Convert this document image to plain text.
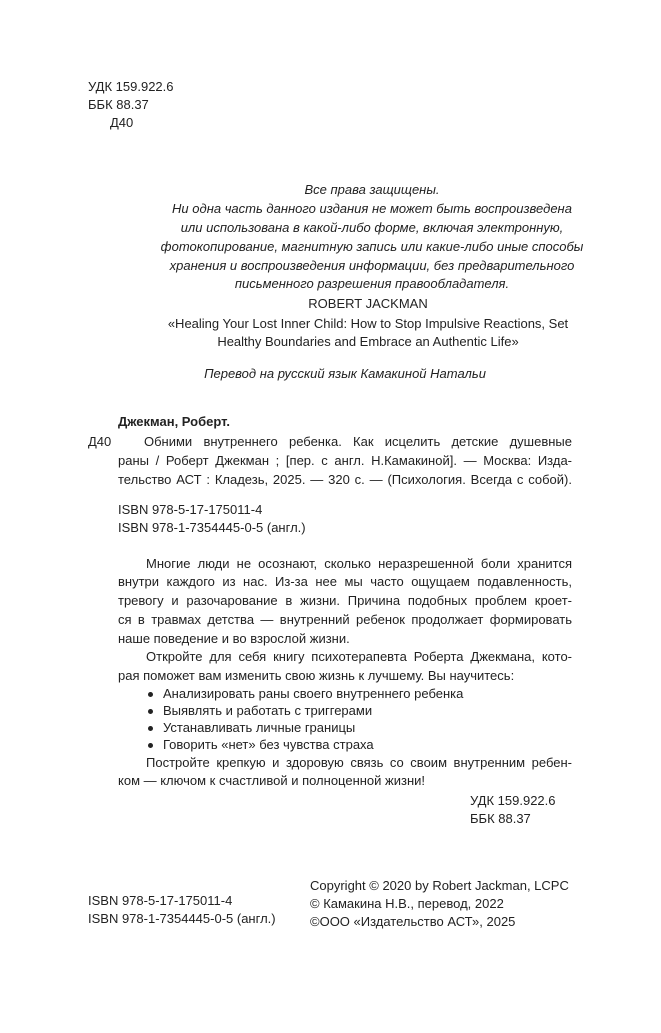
УДК 159.922.6
ББК 88.37
Д40
Все права защищены.
Ни одна часть данного издания не может быть воспроизведена
или использована в какой-либо форме, включая электронную,
фотокопирование, магнитную запись или какие-либо иные способы
хранения и воспроизведения информации, без предварительного
письменного разрешения правообладателя.
ROBERT JACKMAN
«Healing Your Lost Inner Child: How to Stop Impulsive Reactions, Set
Healthy Boundaries and Embrace an Authentic Life»
Перевод на русский язык Камакиной Натальи
Джекман, Роберт.
Д40	Обними внутреннего ребенка. Как исцелить детские душевные
раны / Роберт Джекман ; [пер. с англ. Н.Камакиной]. — Москва: Изда-
тельство АСТ : Кладезь, 2025. — 320 с. — (Психология. Всегда с собой).
ISBN 978-5-17-175011-4
ISBN 978-1-7354445-0-5 (англ.)
Многие люди не осознают, сколько неразрешенной боли хранится
внутри каждого из нас. Из-за нее мы часто ощущаем подавленность,
тревогу и разочарование в жизни. Причина подобных проблем кроет-
ся в травмах детства — внутренний ребенок продолжает формировать
наше поведение и во взрослой жизни.
Откройте для себя книгу психотерапевта Роберта Джекмана, кото-
рая поможет вам изменить свою жизнь к лучшему. Вы научитесь:
Анализировать раны своего внутреннего ребенка
Выявлять и работать с триггерами
Устанавливать личные границы
Говорить «нет» без чувства страха
Постройте крепкую и здоровую связь со своим внутренним ребен-
ком — ключом к счастливой и полноценной жизни!
УДК 159.922.6
ББК 88.37
ISBN 978-5-17-175011-4
ISBN 978-1-7354445-0-5 (англ.)
Copyright © 2020 by Robert Jackman, LCPC
© Камакина Н.В., перевод, 2022
©ООО «Издательство АСТ», 2025
